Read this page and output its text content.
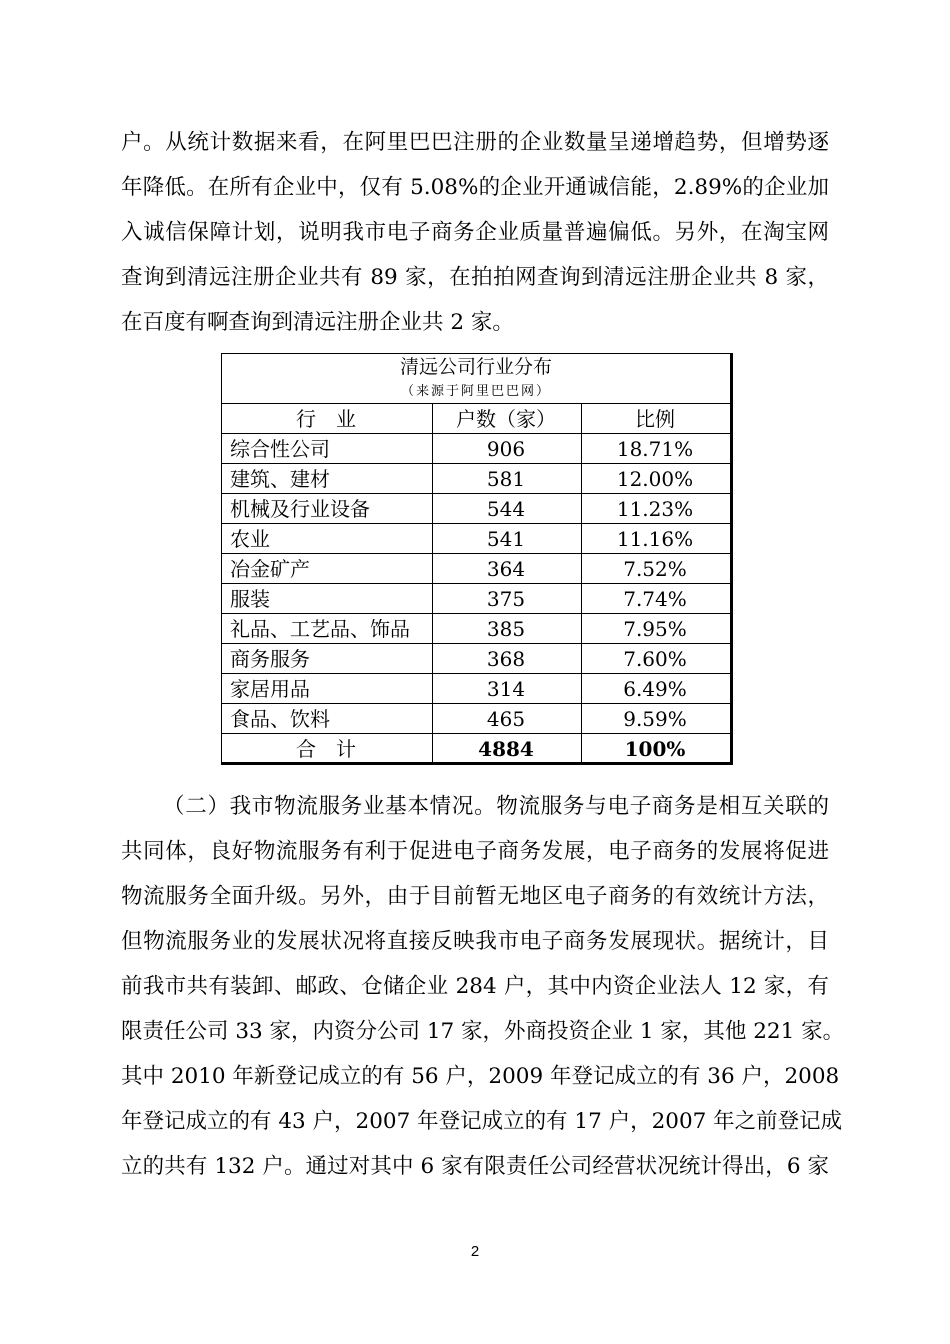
户。从统计数据来看，在阿里巴巴注册的企业数量呈递增趋势，但增势逐
年降低。在所有企业中，仅有 5.08%的企业开通诚信能，2.89%的企业加
入诚信保障计划，说明我市电子商务企业质量普遍偏低。另外，在淘宝网
查询到清远注册企业共有 89 家，在拍拍网查询到清远注册企业共 8 家，
在百度有啊查询到清远注册企业共 2 家。
清远公司行业分布
（来源于阿里巴巴网）
行　业	户数（家）	比例
综合性公司	906	18.71%
建筑、建材	581	12.00%
机械及行业设备	544	11.23%
农业	541	11.16%
冶金矿产	364	7.52%
服装	375	7.74%
礼品、工艺品、饰品	385	7.95%
商务服务	368	7.60%
家居用品	314	6.49%
食品、饮料	465	9.59%
合　计	4884	100%
（二）我市物流服务业基本情况。物流服务与电子商务是相互关联的
共同体，良好物流服务有利于促进电子商务发展，电子商务的发展将促进
物流服务全面升级。另外，由于目前暂无地区电子商务的有效统计方法，
但物流服务业的发展状况将直接反映我市电子商务发展现状。据统计，目
前我市共有装卸、邮政、仓储企业 284 户，其中内资企业法人 12 家，有
限责任公司 33 家，内资分公司 17 家，外商投资企业 1 家，其他 221 家。
其中 2010 年新登记成立的有 56 户，2009 年登记成立的有 36 户，2008
年登记成立的有 43 户，2007 年登记成立的有 17 户，2007 年之前登记成
立的共有 132 户。通过对其中 6 家有限责任公司经营状况统计得出，6 家
2
